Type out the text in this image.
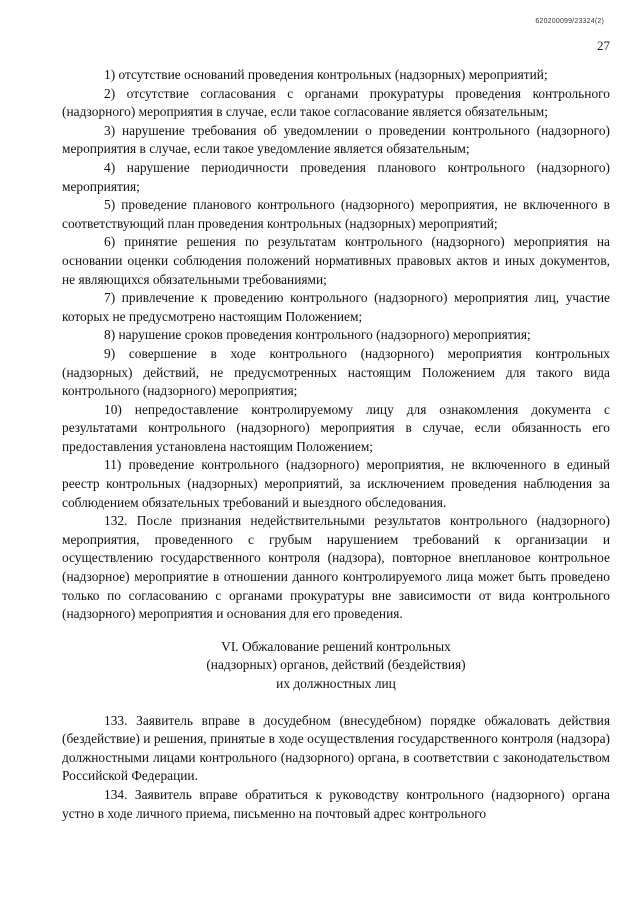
620200099/23324(2)
27

1) отсутствие оснований проведения контрольных (надзорных) мероприятий;

2) отсутствие согласования с органами прокуратуры проведения контрольного (надзорного) мероприятия в случае, если такое согласование является обязательным;

3) нарушение требования об уведомлении о проведении контрольного (надзорного) мероприятия в случае, если такое уведомление является обязательным;

4) нарушение периодичности проведения планового контрольного (надзорного) мероприятия;

5) проведение планового контрольного (надзорного) мероприятия, не включенного в соответствующий план проведения контрольных (надзорных) мероприятий;

6) принятие решения по результатам контрольного (надзорного) мероприятия на основании оценки соблюдения положений нормативных правовых актов и иных документов, не являющихся обязательными требованиями;

7) привлечение к проведению контрольного (надзорного) мероприятия лиц, участие которых не предусмотрено настоящим Положением;

8) нарушение сроков проведения контрольного (надзорного) мероприятия;

9) совершение в ходе контрольного (надзорного) мероприятия контрольных (надзорных) действий, не предусмотренных настоящим Положением для такого вида контрольного (надзорного) мероприятия;

10) непредоставление контролируемому лицу для ознакомления документа с результатами контрольного (надзорного) мероприятия в случае, если обязанность его предоставления установлена настоящим Положением;

11) проведение контрольного (надзорного) мероприятия, не включенного в единый реестр контрольных (надзорных) мероприятий, за исключением проведения наблюдения за соблюдением обязательных требований и выездного обследования.

132. После признания недействительными результатов контрольного (надзорного) мероприятия, проведенного с грубым нарушением требований к организации и осуществлению государственного контроля (надзора), повторное внеплановое контрольное (надзорное) мероприятие в отношении данного контролируемого лица может быть проведено только по согласованию с органами прокуратуры вне зависимости от вида контрольного (надзорного) мероприятия и основания для его проведения.

VI. Обжалование решений контрольных
(надзорных) органов, действий (бездействия)
их должностных лиц

133. Заявитель вправе в досудебном (внесудебном) порядке обжаловать действия (бездействие) и решения, принятые в ходе осуществления государственного контроля (надзора) должностными лицами контрольного (надзорного) органа, в соответствии с законодательством Российской Федерации.

134. Заявитель вправе обратиться к руководству контрольного (надзорного) органа устно в ходе личного приема, письменно на почтовый адрес контрольного
